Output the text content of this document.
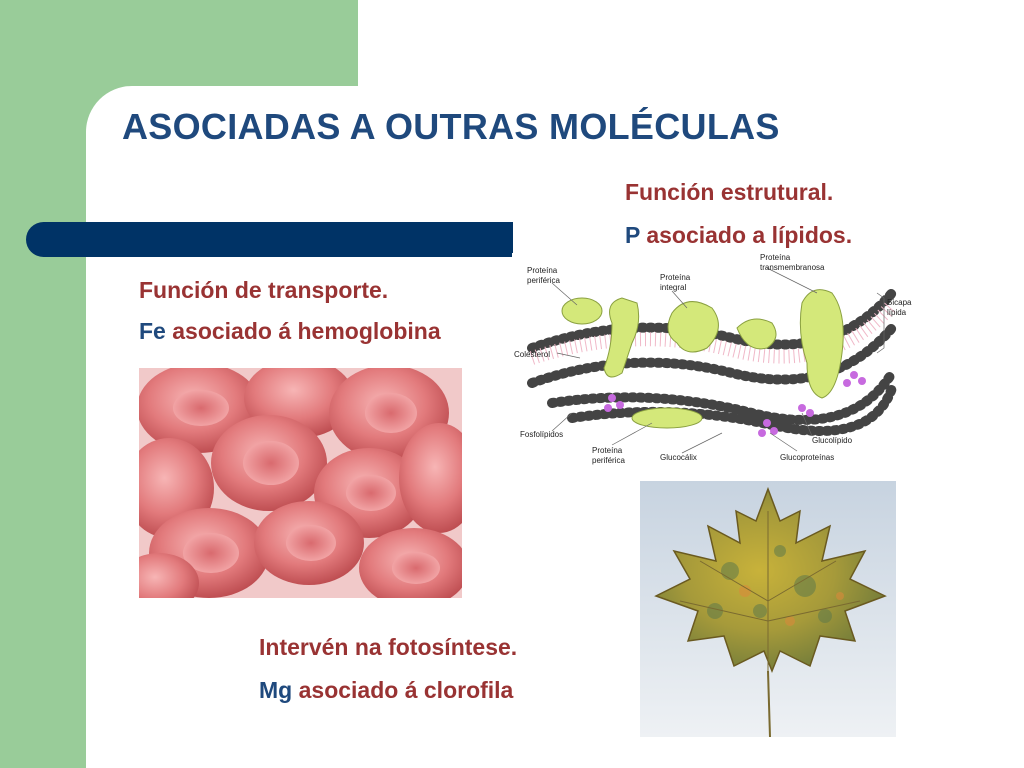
ASOCIADAS A OUTRAS MOLÉCULAS

Función estrutural.

P asociado a lípidos.

Función de transporte.

Fe asociado á hemoglobina

Intervén na fotosíntese.

Mg asociado á clorofila

Proteína
periférica	Proteína
integral
Proteína
transmembranosa
Bicapa
lípida
Colesterol
Fosfolípidos
Proteína
periférica	Glucocálix
Glucolípido
Glucoproteínas
